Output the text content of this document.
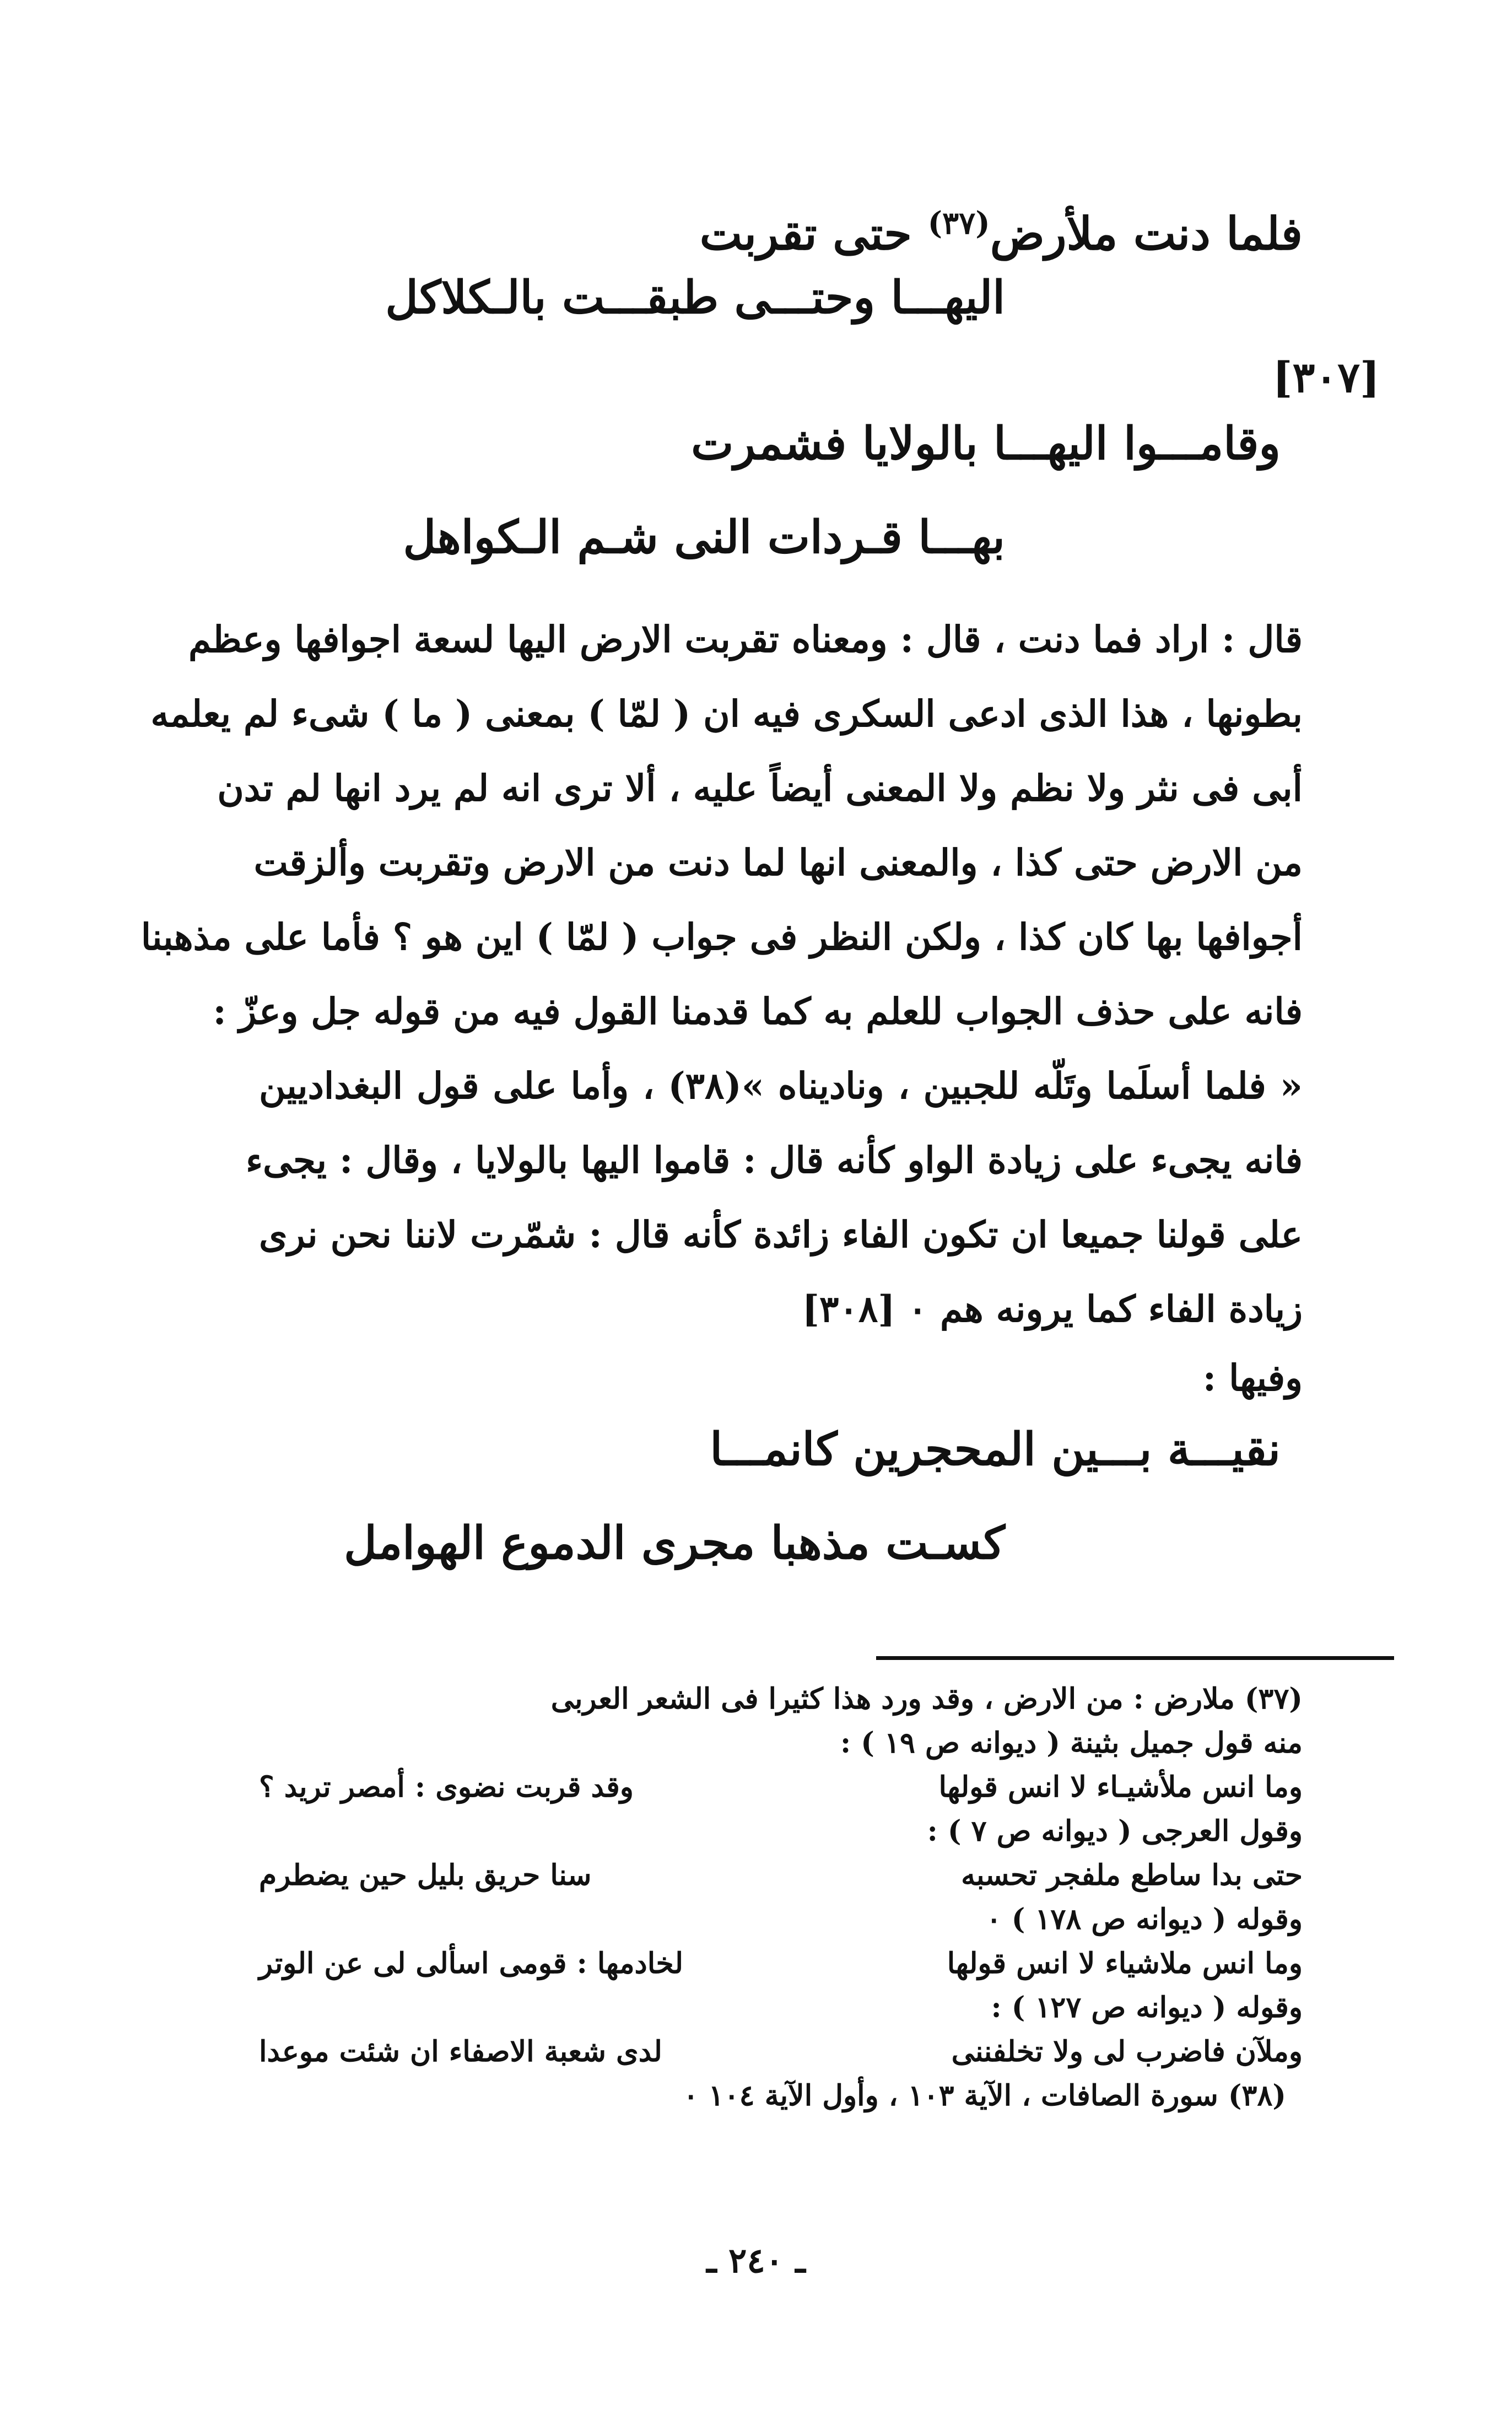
فلما دنت ملأرض$^{(٣٧)}$ حتى تقربت
اليهـــا وحتـــى طبقـــت بالـكلاكل
[٣٠٧]
وقامـــوا اليهـــا بالولايا فشمرت
بهـــا قـردات النى شـم الـكواهل
قال : اراد فما دنت ، قال : ومعناه تقربت الارض اليها لسعة اجوافها وعظم
بطونها ، هذا الذى ادعى السكرى فيه ان ( لمّا ) بمعنى ( ما ) شىء لم يعلمه
أبى فى نثر ولا نظم ولا المعنى أيضاً عليه ، ألا ترى انه لم يرد انها لم تدن
من الارض حتى كذا ، والمعنى انها لما دنت من الارض وتقربت وألزقت
أجوافها بها كان كذا ، ولكن النظر فى جواب ( لمّا ) اين هو ؟ فأما على مذهبنا
فانه على حذف الجواب للعلم به كما قدمنا القول فيه من قوله جل وعزّ :
« فلما أسلَما وتَلّه للجبين ، وناديناه »(٣٨) ، وأما على قول البغداديين
فانه يجىء على زيادة الواو كأنه قال : قاموا اليها بالولايا ، وقال : يجىء
على قولنا جميعا ان تكون الفاء زائدة كأنه قال : شمّرت لاننا نحن نرى
زيادة الفاء كما يرونه هم ٠ [٣٠٨]
وفيها :
نقيـــة بـــين المحجرين كانمـــا
كسـت مذهبا مجرى الدموع الهوامل
(٣٧) ملارض : من الارض ، وقد ورد هذا كثيرا فى الشعر العربى
منه قول جميل بثينة ( ديوانه ص ١٩ ) :
وما انس ملأشيـاء لا انس قولها
وقد قربت نضوى : أمصر تريد ؟
وقول العرجى ( ديوانه ص ٧ ) :
حتى بدا ساطع ملفجر تحسبه
سنا حريق بليل حين يضطرم
وقوله ( ديوانه ص ١٧٨ ) ٠
وما انس ملاشياء لا انس قولها
لخادمها : قومى اسألى لى عن الوتر
وقوله ( ديوانه ص ١٢٧ ) :
وملآن فاضرب لى ولا تخلفننى
لدى شعبة الاصفاء ان شئت موعدا
(٣٨) سورة الصافات ، الآية ١٠٣ ، وأول الآية ١٠٤ ٠
ـ ٢٤٠ ـ
